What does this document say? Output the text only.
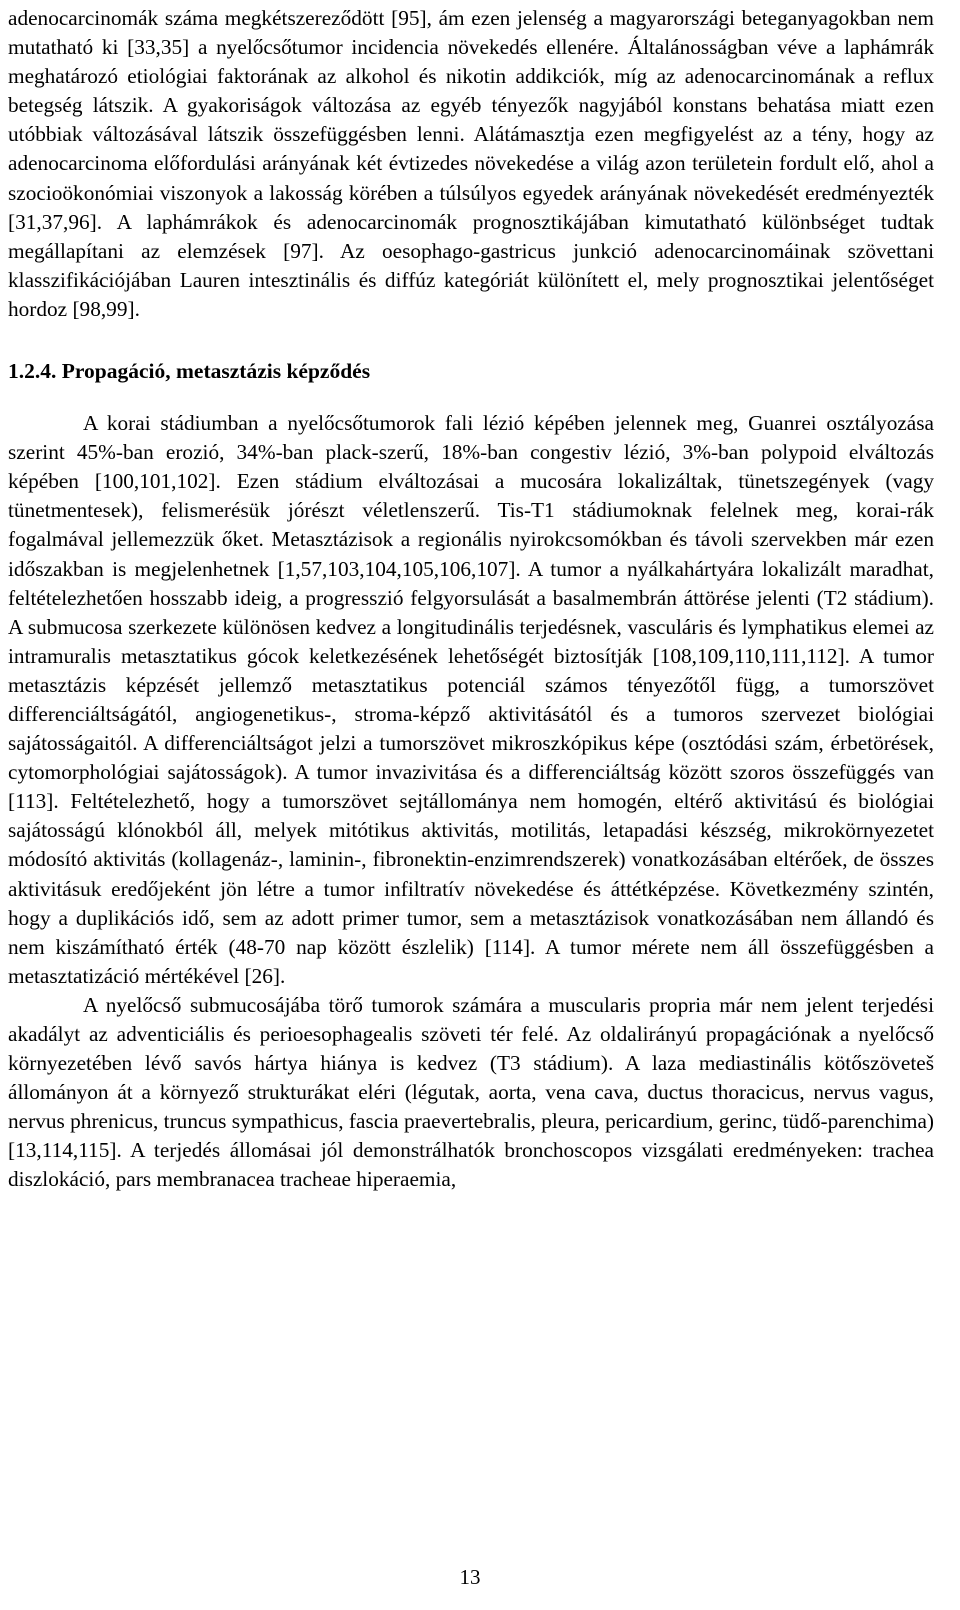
adenocarcinomák száma megkétszereződött [95], ám ezen jelenség a magyarországi beteganyagokban nem mutatható ki [33,35] a nyelőcsőtumor incidencia növekedés ellenére. Általánosságban véve a laphámrák meghatározó etiológiai faktorának az alkohol és nikotin addikciók, míg az adenocarcinomának a reflux betegség látszik. A gyakoriságok változása az egyéb tényezők nagyjából konstans behatása miatt ezen utóbbiak változásával látszik összefüggésben lenni. Alátámasztja ezen megfigyelést az a tény, hogy az adenocarcinoma előfordulási arányának két évtizedes növekedése a világ azon területein fordult elő, ahol a szocioökonómiai viszonyok a lakosság körében a túlsúlyos egyedek arányának növekedését eredményezték [31,37,96]. A laphámrákok és adenocarcinomák prognosztikájában kimutatható különbséget tudtak megállapítani az elemzések [97]. Az oesophago-gastricus junkció adenocarcinomáinak szövettani klasszifikációjában Lauren intesztinális és diffúz kategóriát különített el, mely prognosztikai jelentőséget hordoz [98,99].

1.2.4. Propagáció, metasztázis képződés

A korai stádiumban a nyelőcsőtumorok fali lézió képében jelennek meg, Guanrei osztályozása szerint 45%-ban erozió, 34%-ban plack-szerű, 18%-ban congestiv lézió, 3%-ban polypoid elváltozás képében [100,101,102]. Ezen stádium elváltozásai a mucosára lokalizáltak, tünetszegények (vagy tünetmentesek), felismerésük jórészt véletlenszerű. Tis-T1 stádiumoknak felelnek meg, korai-rák fogalmával jellemezzük őket. Metasztázisok a regionális nyirokcsomókban és távoli szervekben már ezen időszakban is megjelenhetnek [1,57,103,104,105,106,107]. A tumor a nyálkahártyára lokalizált maradhat, feltételezhetően hosszabb ideig, a progresszió felgyorsulását a basalmembrán áttörése jelenti (T2 stádium). A submucosa szerkezete különösen kedvez a longitudinális terjedésnek, vasculáris és lymphatikus elemei az intramuralis metasztatikus gócok keletkezésének lehetőségét biztosítják [108,109,110,111,112]. A tumor metasztázis képzését jellemző metasztatikus potenciál számos tényezőtől függ, a tumorszövet differenciáltságától, angiogenetikus-, stroma-képző aktivitásától és a tumoros szervezet biológiai sajátosságaitól. A differenciáltságot jelzi a tumorszövet mikroszkópikus képe (osztódási szám, érbetörések, cytomorphológiai sajátosságok). A tumor invazivitása és a differenciáltság között szoros összefüggés van [113]. Feltételezhető, hogy a tumorszövet sejtállománya nem homogén, eltérő aktivitású és biológiai sajátosságú klónokból áll, melyek mitótikus aktivitás, motilitás, letapadási készség, mikrokörnyezetet módosító aktivitás (kollagenáz-, laminin-, fibronektin-enzimrendszerek) vonatkozásában eltérőek, de összes aktivitásuk eredőjeként jön létre a tumor infiltratív növekedése és áttétképzése. Következmény szintén, hogy a duplikációs idő, sem az adott primer tumor, sem a metasztázisok vonatkozásában nem állandó és nem kiszámítható érték (48-70 nap között észlelik) [114]. A tumor mérete nem áll összefüggésben a metasztatizáció mértékével [26].

A nyelőcső submucosájába törő tumorok számára a muscularis propria már nem jelent terjedési akadályt az adventiciális és perioesophagealis szöveti tér felé. Az oldalirányú propagációnak a nyelőcső környezetében lévő savós hártya hiánya is kedvez (T3 stádium). A laza mediastinális kötőszöveteš állományon át a környező strukturákat eléri (légutak, aorta, vena cava, ductus thoracicus, nervus vagus, nervus phrenicus, truncus sympathicus, fascia praevertebralis, pleura, pericardium, gerinc, tüdő-parenchima) [13,114,115]. A terjedés állomásai jól demonstrálhatók bronchoscopos vizsgálati eredményeken: trachea diszlokáció, pars membranacea tracheae hiperaemia,

13
